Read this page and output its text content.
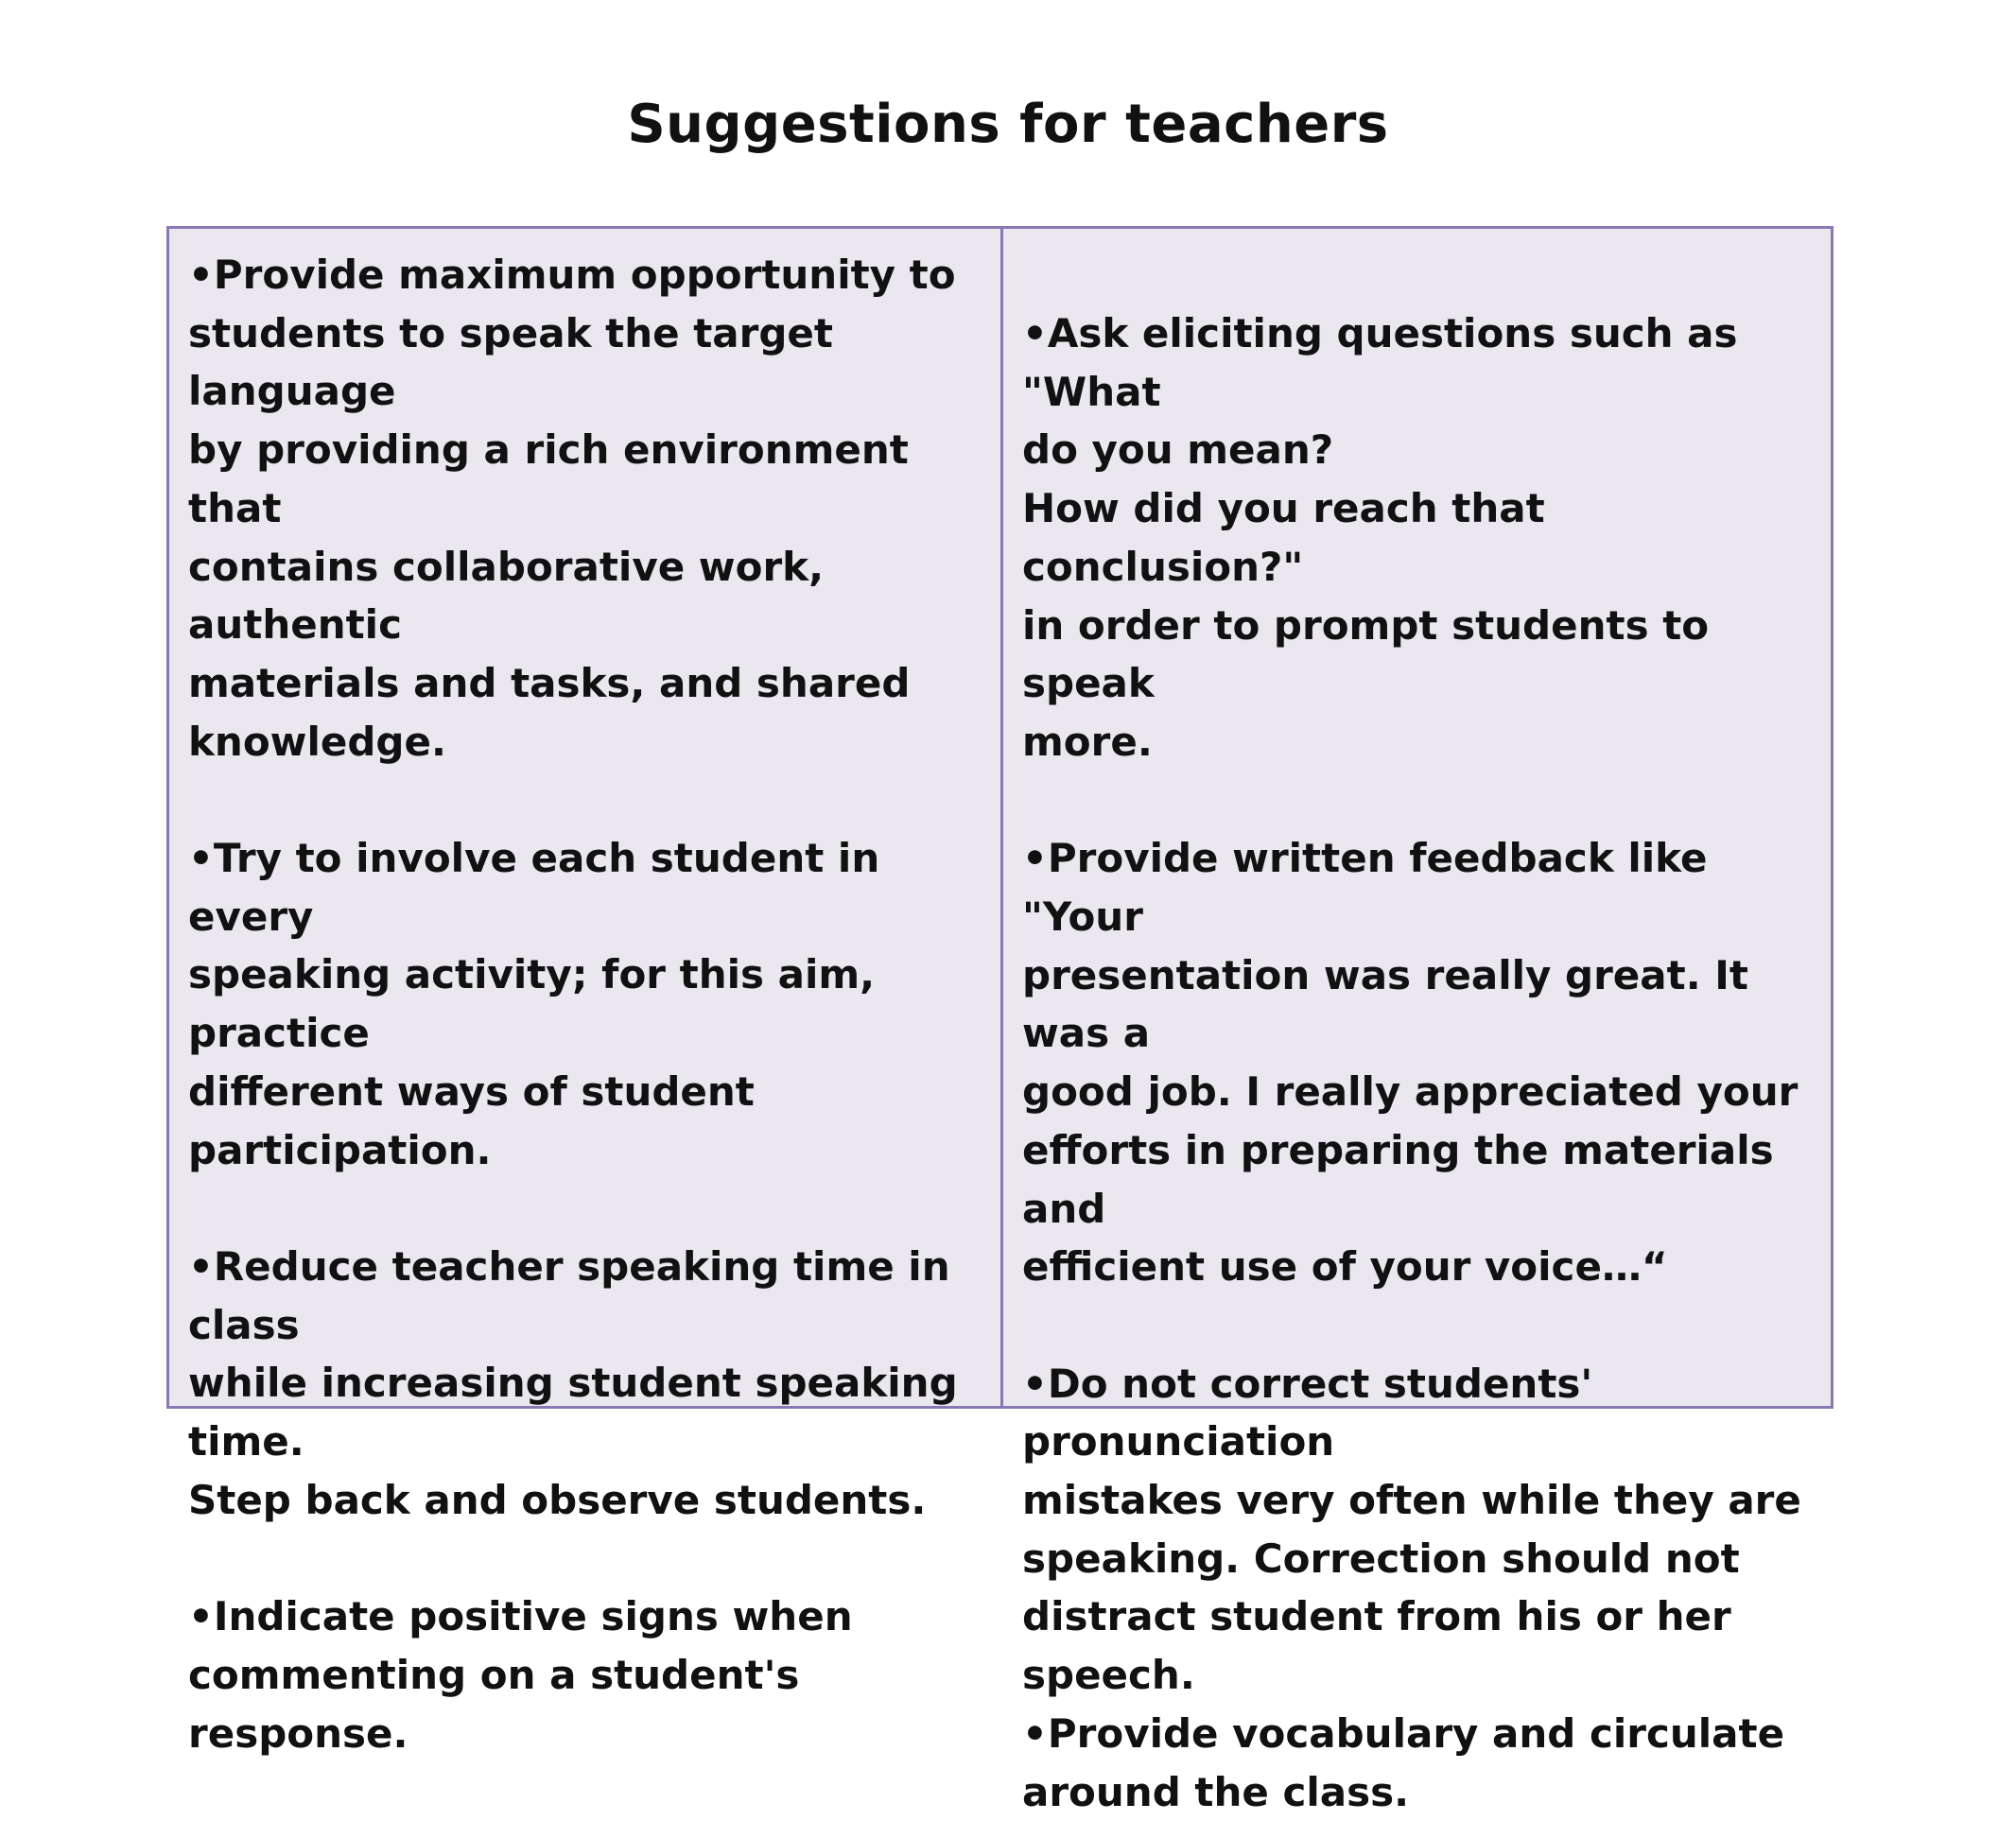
Suggestions for teachers

•Provide maximum opportunity to
students to speak the target language
by providing a rich environment that
contains collaborative work, authentic
materials and tasks, and shared
knowledge.

•Try to involve each student in every
speaking activity; for this aim, practice
different ways of student participation.

•Reduce teacher speaking time in class
while increasing student speaking time.
Step back and observe students.

•Indicate positive signs when
commenting on a student's response.

•Ask eliciting questions such as "What
do you mean?
How did you reach that conclusion?"
in order to prompt students to speak
more.

•Provide written feedback like "Your
presentation was really great. It was a
good job. I really appreciated your
efforts in preparing the materials and
efficient use of your voice…“

•Do not correct students' pronunciation
mistakes very often while they are
speaking. Correction should not
distract student from his or her speech.

•Provide vocabulary and circulate
around the class.
